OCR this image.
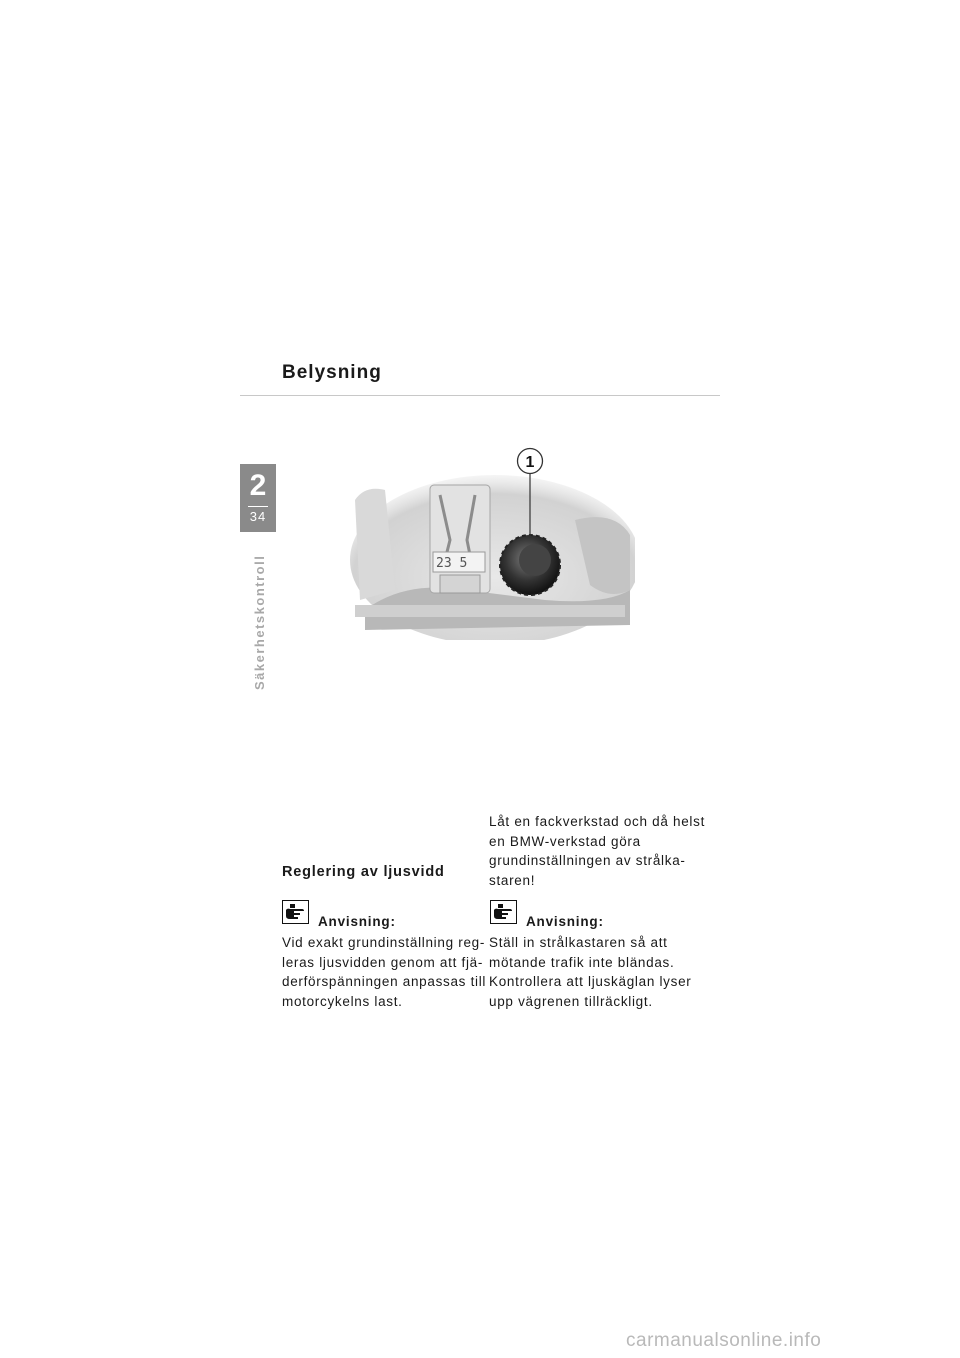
Belysning
2
34
Säkerhetskontroll	23 5
1
Reglering av ljusvidd
Låt en fackverkstad och då helst en BMW-verkstad göra grundinställningen av strålka-staren!
Anvisning:
Vid exakt grundinställning reg-leras ljusvidden genom att fjä-derförspänningen anpassas till motorcykelns last.
Anvisning:
Ställ in strålkastaren så att mötande trafik inte bländas. Kontrollera att ljuskäglan lyser upp vägrenen tillräckligt.
carmanualsonline.info
